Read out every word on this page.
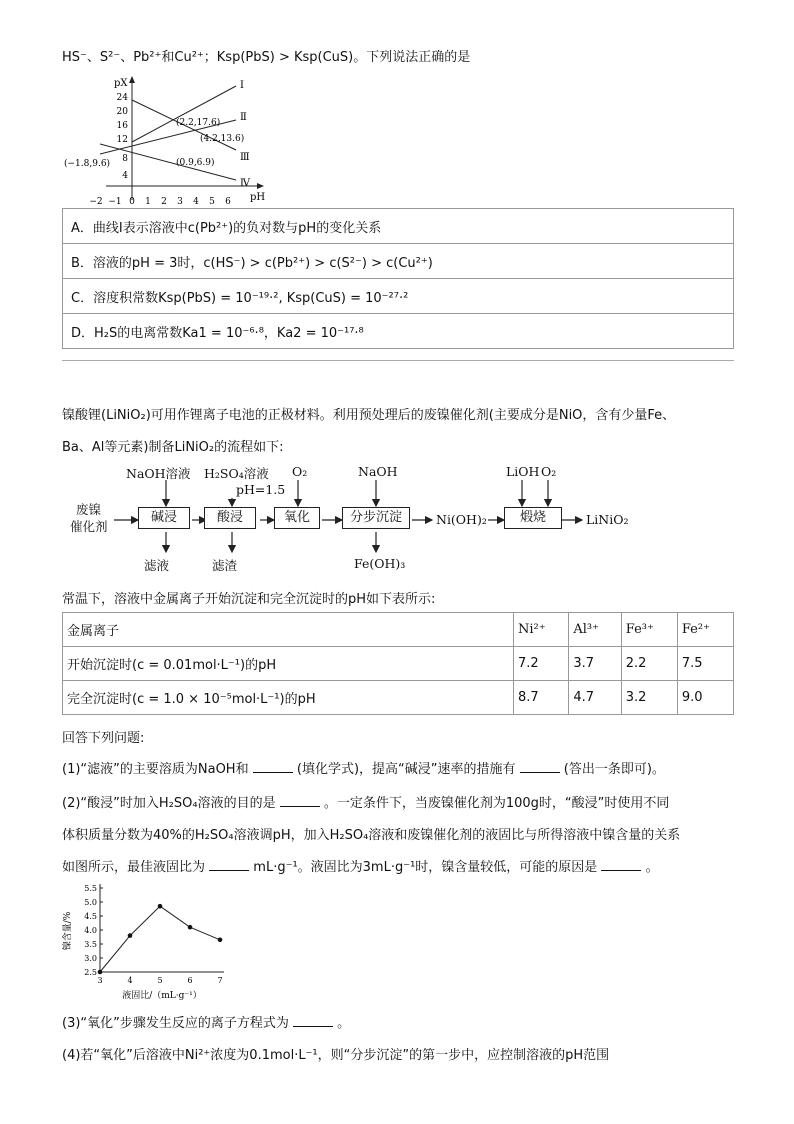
HS⁻、S²⁻、Pb²⁺和Cu²⁺；Ksp(PbS) > Ksp(CuS)。下列说法正确的是
pX
pH
24
20
16
12
8
4
−2 −1 0 1 2 3 4 5 6
Ⅰ
Ⅱ
Ⅲ
Ⅳ
(2.2,17.6)
(4.2,13.6)
(0.9,6.9)
(−1.8,9.6)
A．曲线Ⅰ表示溶液中c(Pb²⁺)的负对数与pH的变化关系
B．溶液的pH = 3时，c(HS⁻) > c(Pb²⁺) > c(S²⁻) > c(Cu²⁺)
C．溶度积常数Ksp(PbS) = 10⁻¹⁹·², Ksp(CuS) = 10⁻²⁷·²
D．H₂S的电离常数Ka1 = 10⁻⁶·⁸，Ka2 = 10⁻¹⁷·⁸
镍酸锂(LiNiO₂)可用作锂离子电池的正极材料。利用预处理后的废镍催化剂(主要成分是NiO，含有少量Fe、
Ba、Al等元素)制备LiNiO₂的流程如下:
废镍
催化剂
碱浸	酸浸	氧化	分步沉淀	煅烧
NaOH溶液 H₂SO₄溶液
pH=1.5
O₂	NaOH	LiOH O₂
滤液	滤渣	Fe(OH)₃
Ni(OH)₂	LiNiO₂
常温下，溶液中金属离子开始沉淀和完全沉淀时的pH如下表所示:
金属离子	Ni²⁺	Al³⁺	Fe³⁺	Fe²⁺
开始沉淀时(c = 0.01mol·L⁻¹)的pH	7.2	3.7	2.2	7.5
完全沉淀时(c = 1.0 × 10⁻⁵mol·L⁻¹)的pH	8.7	4.7	3.2	9.0
回答下列问题:
(1)“滤液”的主要溶质为NaOH和	(填化学式)，提高“碱浸”速率的措施有	(答出一条即可)。
(2)“酸浸”时加入H₂SO₄溶液的目的是	。一定条件下，当废镍催化剂为100g时，“酸浸”时使用不同
体积质量分数为40%的H₂SO₄溶液调pH，加入H₂SO₄溶液和废镍催化剂的液固比与所得溶液中镍含量的关系
如图所示，最佳液固比为	mL·g⁻¹。液固比为3mL·g⁻¹时，镍含量较低，可能的原因是	。
镍含量/%
液固比/（mL·g⁻¹）
5.5
5.0
4.5
4.0
3.5
3.0
2.5
3	4	5	6	7
(3)“氧化”步骤发生反应的离子方程式为	。
(4)若“氧化”后溶液中Ni²⁺浓度为0.1mol·L⁻¹，则“分步沉淀”的第一步中，应控制溶液的pH范围
